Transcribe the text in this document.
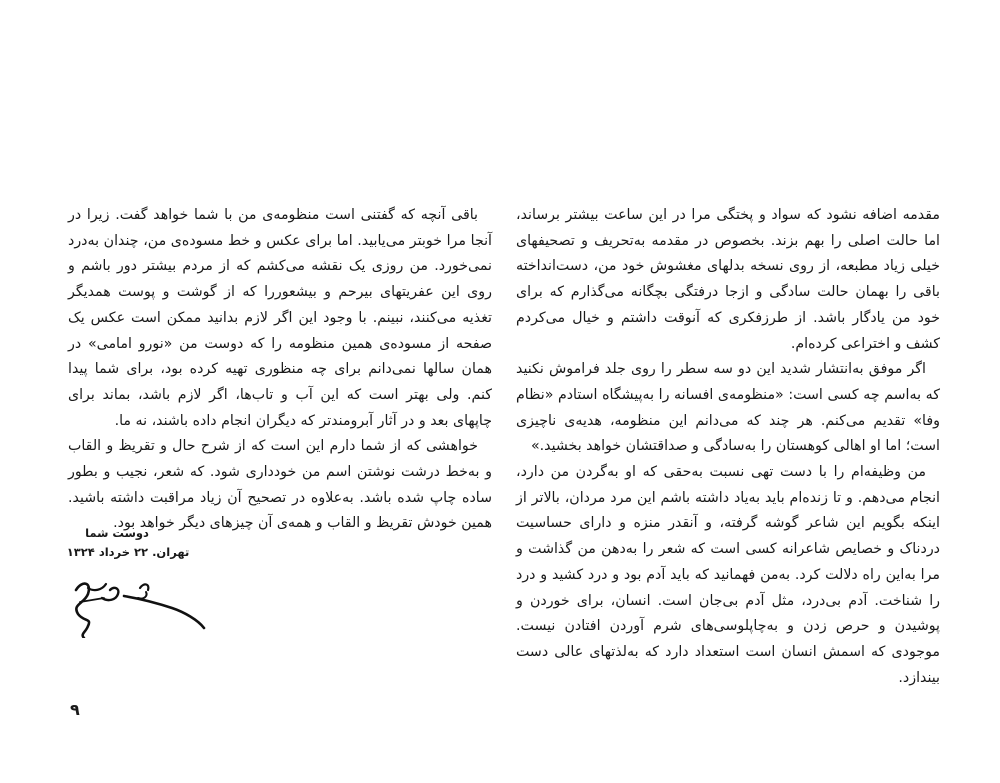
مقدمه اضافه نشود که سواد و پختگی مرا در این ساعت بیشتر برساند، اما حالت اصلی را بهم بزند. بخصوص در مقدمه به‌تحریف و تصحیفهای خیلی زیاد مطبعه، از روی نسخه بدلهای مغشوش خود من، دست‌انداخته باقی را بهمان حالت سادگی و ازجا درفتگی بچگانه می‌گذارم که برای خود من یادگار باشد. از طرزفکری که آنوقت داشتم و خیال می‌کردم کشف و اختراعی کرده‌ام.

اگر موفق به‌انتشار شدید این دو سه سطر را روی جلد فراموش نکنید که به‌اسم چه کسی است: «منظومه‌ی افسانه را به‌پیشگاه استادم «نظام وفا» تقدیم می‌کنم. هر چند که می‌دانم این منظومه، هدیه‌ی ناچیزی است؛ اما او اهالی کوهستان را به‌سادگی و صداقتشان خواهد بخشید.»

من وظیفه‌ام را با دست تهی نسبت به‌حقی که او به‌گردن من دارد، انجام می‌دهم. و تا زنده‌ام باید به‌یاد داشته باشم این مرد مردان، بالاتر از اینکه بگویم این شاعر گوشه گرفته، و آنقدر منزه و دارای حساسیت دردناک و خصایص شاعرانه کسی است که شعر را به‌دهن من گذاشت و مرا به‌این راه دلالت کرد. به‌من فهمانید که باید آدم بود و درد کشید و درد را شناخت. آدم بی‌درد، مثل آدم بی‌جان است. انسان، برای خوردن و پوشیدن و حرص زدن و به‌چاپلوسی‌های شرم آوردن افتادن نیست. موجودی که اسمش انسان است استعداد دارد که به‌لذتهای عالی دست بیندازد.

باقی آنچه که گفتنی است منظومه‌ی من با شما خواهد گفت. زیرا در آنجا مرا خوبتر می‌یابید. اما برای عکس و خط مسوده‌ی من، چندان به‌درد نمی‌خورد. من روزی یک نقشه می‌کشم که از مردم بیشتر دور باشم و روی این عفریتهای بیرحم و بیشعوررا که از گوشت و پوست همدیگر تغذیه می‌کنند، نبینم. با وجود این اگر لازم بدانید ممکن است عکس یک صفحه از مسوده‌ی همین منظومه را که دوست من «نورو امامی» در همان سالها نمی‌دانم برای چه منظوری تهیه کرده بود، برای شما پیدا کنم. ولی بهتر است که این آب و تاب‌ها، اگر لازم باشد، بماند برای چاپهای بعد و در آثار آبرومندتر که دیگران انجام داده باشند، نه ما.

خواهشی که از شما دارم این است که از شرح حال و تقریظ و القاب و به‌خط درشت نوشتن اسم من خودداری شود. که شعر، نجیب و بطور ساده چاپ شده باشد. به‌علاوه در تصحیح آن زیاد مراقبت داشته باشید. همین خودش تقریظ و القاب و همه‌ی آن چیزهای دیگر خواهد بود.

دوست شما
تهران. ۲۲ خرداد ۱۳۲۴
۹
